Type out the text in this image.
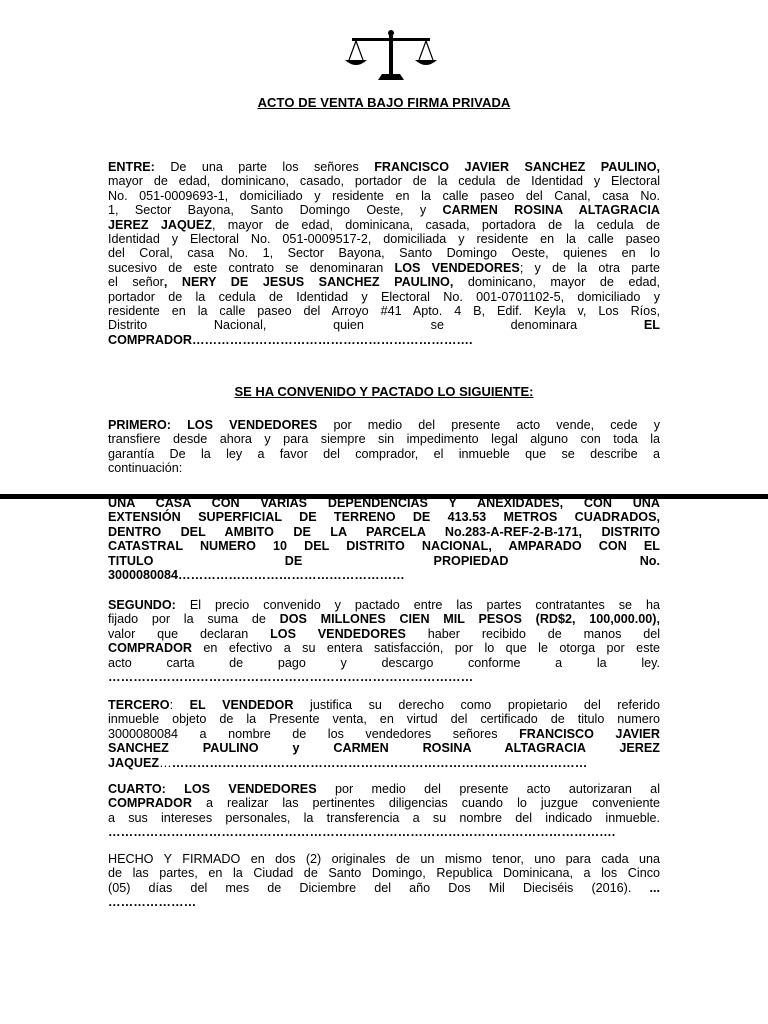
ACTO DE VENTA BAJO FIRMA PRIVADA
ENTRE: De una parte los señores FRANCISCO JAVIER SANCHEZ PAULINO,
mayor de edad, dominicano, casado, portador de la cedula de Identidad y Electoral
No. 051-0009693-1, domiciliado y residente en la calle paseo del Canal, casa No.
1, Sector Bayona, Santo Domingo Oeste, y CARMEN ROSINA ALTAGRACIA
JEREZ JAQUEZ, mayor de edad, dominicana, casada, portadora de la cedula de
Identidad y Electoral No. 051-0009517-2, domiciliada y residente en la calle paseo
del Coral, casa No. 1, Sector Bayona, Santo Domingo Oeste, quienes en lo
sucesivo de este contrato se denominaran LOS VENDEDORES; y de la otra parte
el señor, NERY DE JESUS SANCHEZ PAULINO, dominicano, mayor de edad,
portador de la cedula de Identidad y Electoral No. 001-0701102-5, domiciliado y
residente en la calle paseo del Arroyo #41 Apto. 4 B, Edif. Keyla v, Los Ríos,
Distrito Nacional, quien se denominara EL
COMPRADOR………………………………………………………….
SE HA CONVENIDO Y PACTADO LO SIGUIENTE:
PRIMERO: LOS VENDEDORES por medio del presente acto vende, cede y
transfiere desde ahora y para siempre sin impedimento legal alguno con toda la
garantía De la ley a favor del comprador, el inmueble que se describe a
continuación:
UNA CASA CON VARIAS DEPENDENCIAS Y ANEXIDADES, CON UNA
EXTENSIÓN SUPERFICIAL DE TERRENO DE 413.53 METROS CUADRADOS,
DENTRO DEL AMBITO DE LA PARCELA No.283-A-REF-2-B-171, DISTRITO
CATASTRAL NUMERO 10 DEL DISTRITO NACIONAL, AMPARADO CON EL
TITULO DE PROPIEDAD No.
3000080084………………………………………………
SEGUNDO: El precio convenido y pactado entre las partes contratantes se ha
fijado por la suma de DOS MILLONES CIEN MIL PESOS (RD$2, 100,000.00),
valor que declaran LOS VENDEDORES haber recibido de manos del
COMPRADOR en efectivo a su entera satisfacción, por lo que le otorga por este
acto carta de pago y descargo conforme a la ley.
……………………………………………………………………………
TERCERO: EL VENDEDOR justifica su derecho como propietario del referido
inmueble objeto de la Presente venta, en virtud del certificado de titulo numero
3000080084 a nombre de los vendedores señores FRANCISCO JAVIER
SANCHEZ PAULINO y CARMEN ROSINA ALTAGRACIA JEREZ
JAQUEZ…………………………………………………………………………………………
CUARTO: LOS VENDEDORES por medio del presente acto autorizaran al
COMPRADOR a realizar las pertinentes diligencias cuando lo juzgue conveniente
a sus intereses personales, la transferencia a su nombre del indicado inmueble.
………………………………………………………………………………………………………….
HECHO Y FIRMADO en dos (2) originales de un mismo tenor, uno para cada una
de las partes, en la Ciudad de Santo Domingo, Republica Dominicana, a los Cinco
(05) días del mes de Diciembre del año Dos Mil Dieciséis (2016). ...
…………………
